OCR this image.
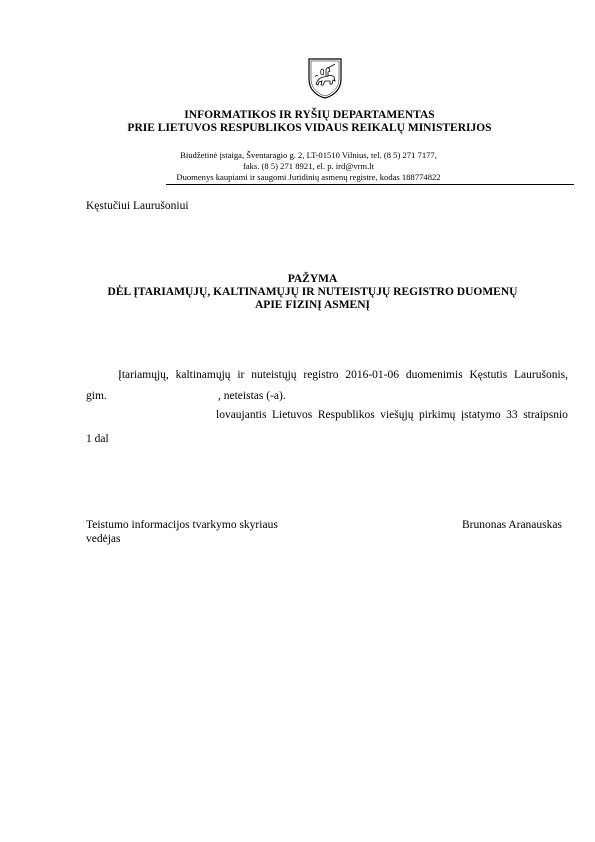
INFORMATIKOS IR RYŠIŲ DEPARTAMENTAS
PRIE LIETUVOS RESPUBLIKOS VIDAUS REIKALŲ MINISTERIJOS
Biudžetinė įstaiga, Šventaragio g. 2, LT-01510 Vilnius, tel. (8 5) 271 7177,
faks. (8 5) 271 8921, el. p. ird@vrm.lt
Duomenys kaupiami ir saugomi Juridinių asmenų registre, kodas 188774822
Kęstučiui Laurušoniui
PAŽYMA
DĖL ĮTARIAMŲJŲ, KALTINAMŲJŲ IR NUTEISTŲJŲ REGISTRO DUOMENŲ
APIE FIZINĮ ASMENĮ
Įtariamųjų, kaltinamųjų ir nuteistųjų registro 2016-01-06 duomenimis Kęstutis Laurušonis,
gim.	, neteistas (-a).
lovaujantis Lietuvos Respublikos viešųjų pirkimų įstatymo 33 straipsnio
1 dal
Teistumo informacijos tvarkymo skyriaus
vedėjas
Brunonas Aranauskas
